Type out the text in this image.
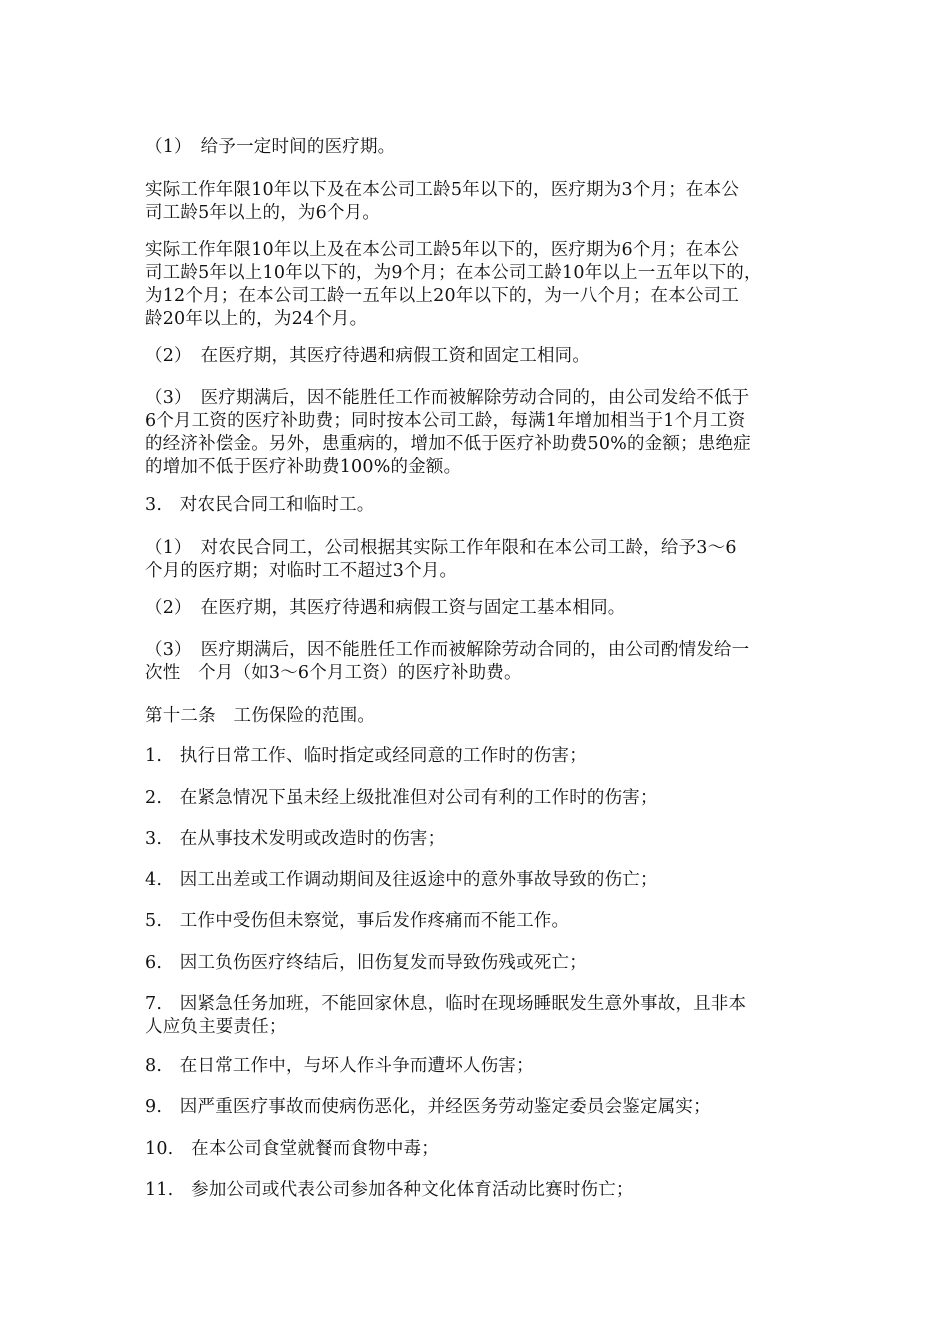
（1）　给予一定时间的医疗期。

实际工作年限10年以下及在本公司工龄5年以下的，医疗期为3个月；在本公
司工龄5年以上的，为6个月。

实际工作年限10年以上及在本公司工龄5年以下的，医疗期为6个月；在本公
司工龄5年以上10年以下的，为9个月；在本公司工龄10年以上一五年以下的，
为12个月；在本公司工龄一五年以上20年以下的，为一八个月；在本公司工
龄20年以上的，为24个月。

（2）　在医疗期，其医疗待遇和病假工资和固定工相同。

（3）　医疗期满后，因不能胜任工作而被解除劳动合同的，由公司发给不低于
6个月工资的医疗补助费；同时按本公司工龄，每满1年增加相当于1个月工资
的经济补偿金。另外，患重病的，增加不低于医疗补助费50%的金额；患绝症
的增加不低于医疗补助费100%的金额。

3.　对农民合同工和临时工。

（1）　对农民合同工，公司根据其实际工作年限和在本公司工龄，给予3～6
个月的医疗期；对临时工不超过3个月。

（2）　在医疗期，其医疗待遇和病假工资与固定工基本相同。

（3）　医疗期满后，因不能胜任工作而被解除劳动合同的，由公司酌情发给一
次性　个月（如3～6个月工资）的医疗补助费。

第十二条　工伤保险的范围。

1.　执行日常工作、临时指定或经同意的工作时的伤害；

2.　在紧急情况下虽未经上级批准但对公司有利的工作时的伤害；

3.　在从事技术发明或改造时的伤害；

4.　因工出差或工作调动期间及往返途中的意外事故导致的伤亡；

5.　工作中受伤但未察觉，事后发作疼痛而不能工作。

6.　因工负伤医疗终结后，旧伤复发而导致伤残或死亡；

7.　因紧急任务加班，不能回家休息，临时在现场睡眠发生意外事故，且非本
人应负主要责任；

8.　在日常工作中，与坏人作斗争而遭坏人伤害；

9.　因严重医疗事故而使病伤恶化，并经医务劳动鉴定委员会鉴定属实；

10.　在本公司食堂就餐而食物中毒；

11.　参加公司或代表公司参加各种文化体育活动比赛时伤亡；
